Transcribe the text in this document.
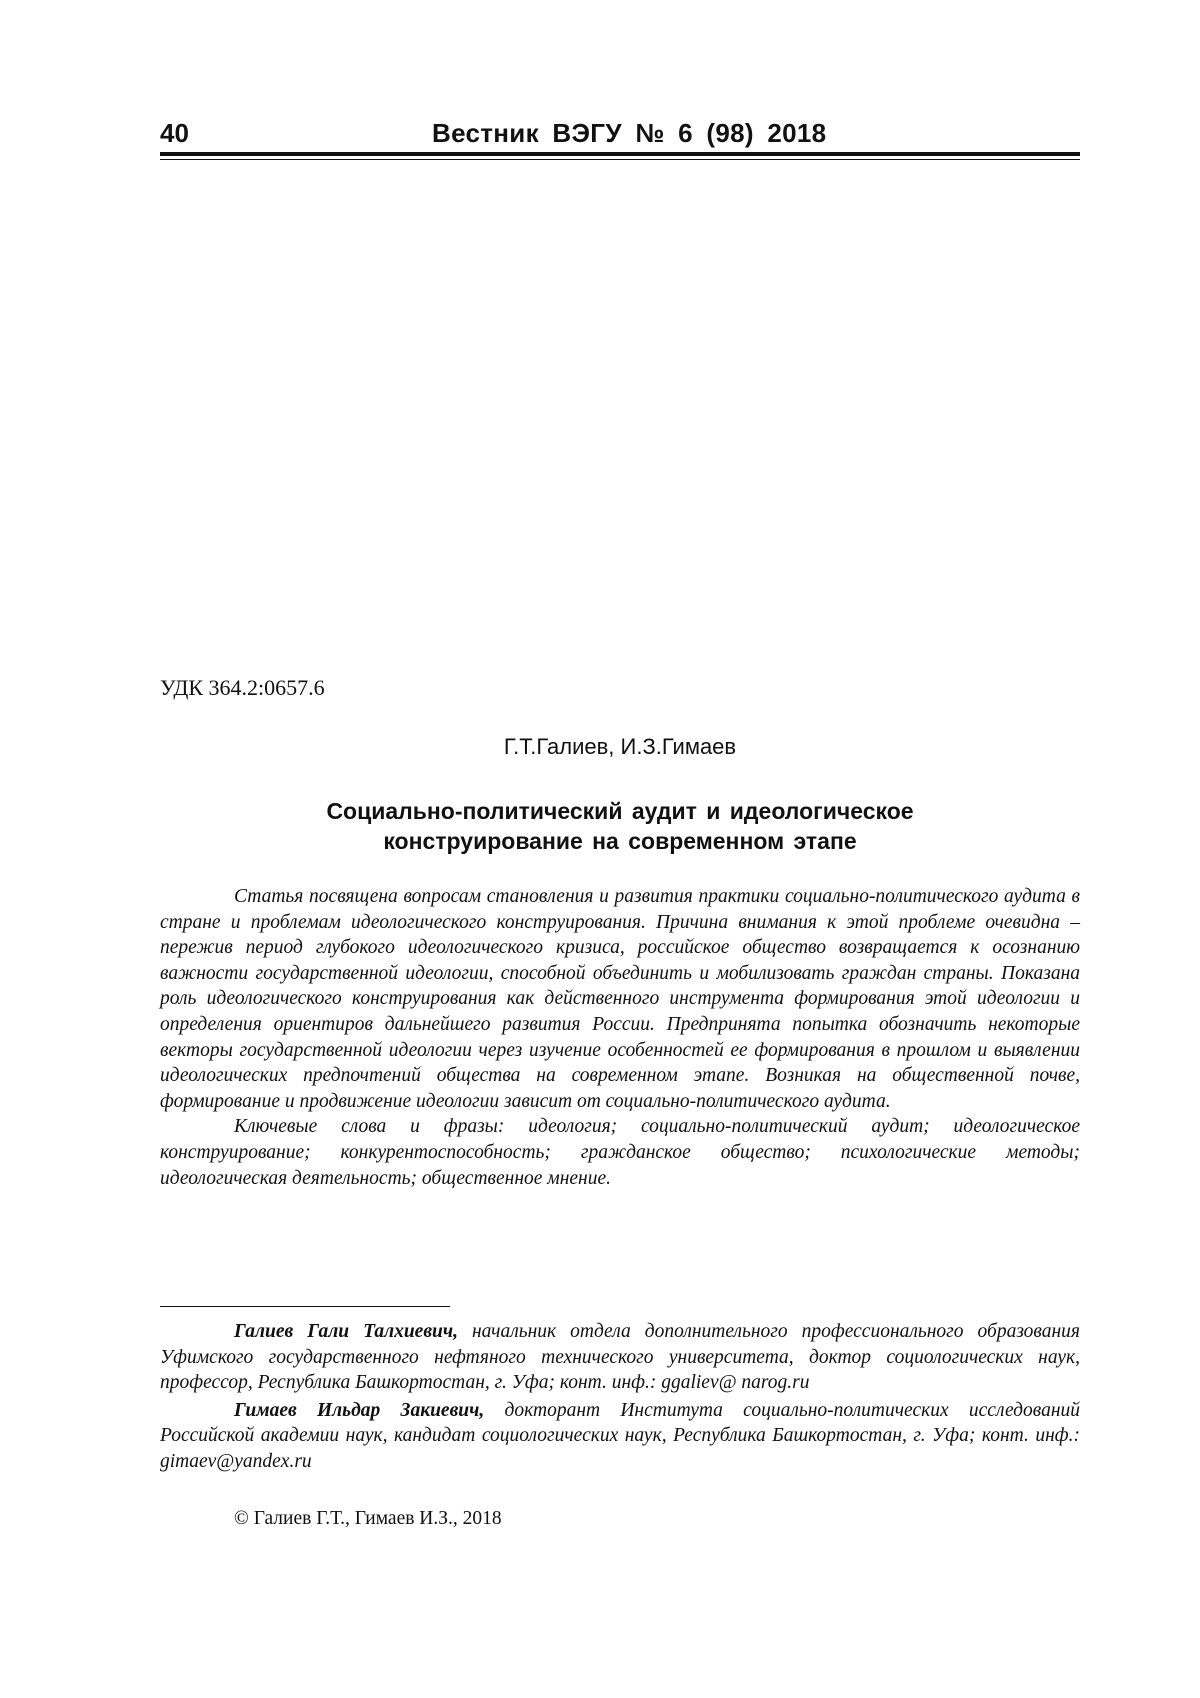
40	Вестник ВЭГУ № 6 (98) 2018
УДК 364.2:0657.6
Г.Т.Галиев, И.З.Гимаев
Социально-политический аудит и идеологическое
конструирование на современном этапе

Статья посвящена вопросам становления и развития практики социально-политического аудита в стране и проблемам идеологического конструирования. Причина внимания к этой проблеме очевидна – пережив период глубокого идеологического кризиса, российское общество возвращается к осознанию важности государственной идеологии, способной объединить и мобилизовать граждан страны. Показана роль идеологического конструирования как действенного инструмента формирования этой идеологии и определения ориентиров дальнейшего развития России. Предпринята попытка обозначить некоторые векторы государственной идеологии через изучение особенностей ее формирования в прошлом и выявлении идеологических предпочтений общества на современном этапе. Возникая на общественной почве, формирование и продвижение идеологии зависит от социально-политического аудита.

Ключевые слова и фразы: идеология; социально-политический аудит; идеологическое конструирование; конкурентоспособность; гражданское общество; психологические методы; идеологическая деятельность; общественное мнение.

Галиев Гали Талхиевич, начальник отдела дополнительного профессионального образования Уфимского государственного нефтяного технического университета, доктор социологических наук, профессор, Республика Башкортостан, г. Уфа; конт. инф.: ggaliev@ narog.ru

Гимаев Ильдар Закиевич, докторант Института социально-политических исследований Российской академии наук, кандидат социологических наук, Республика Башкортостан, г. Уфа; конт. инф.: gimaev@yandex.ru

© Галиев Г.Т., Гимаев И.З., 2018
